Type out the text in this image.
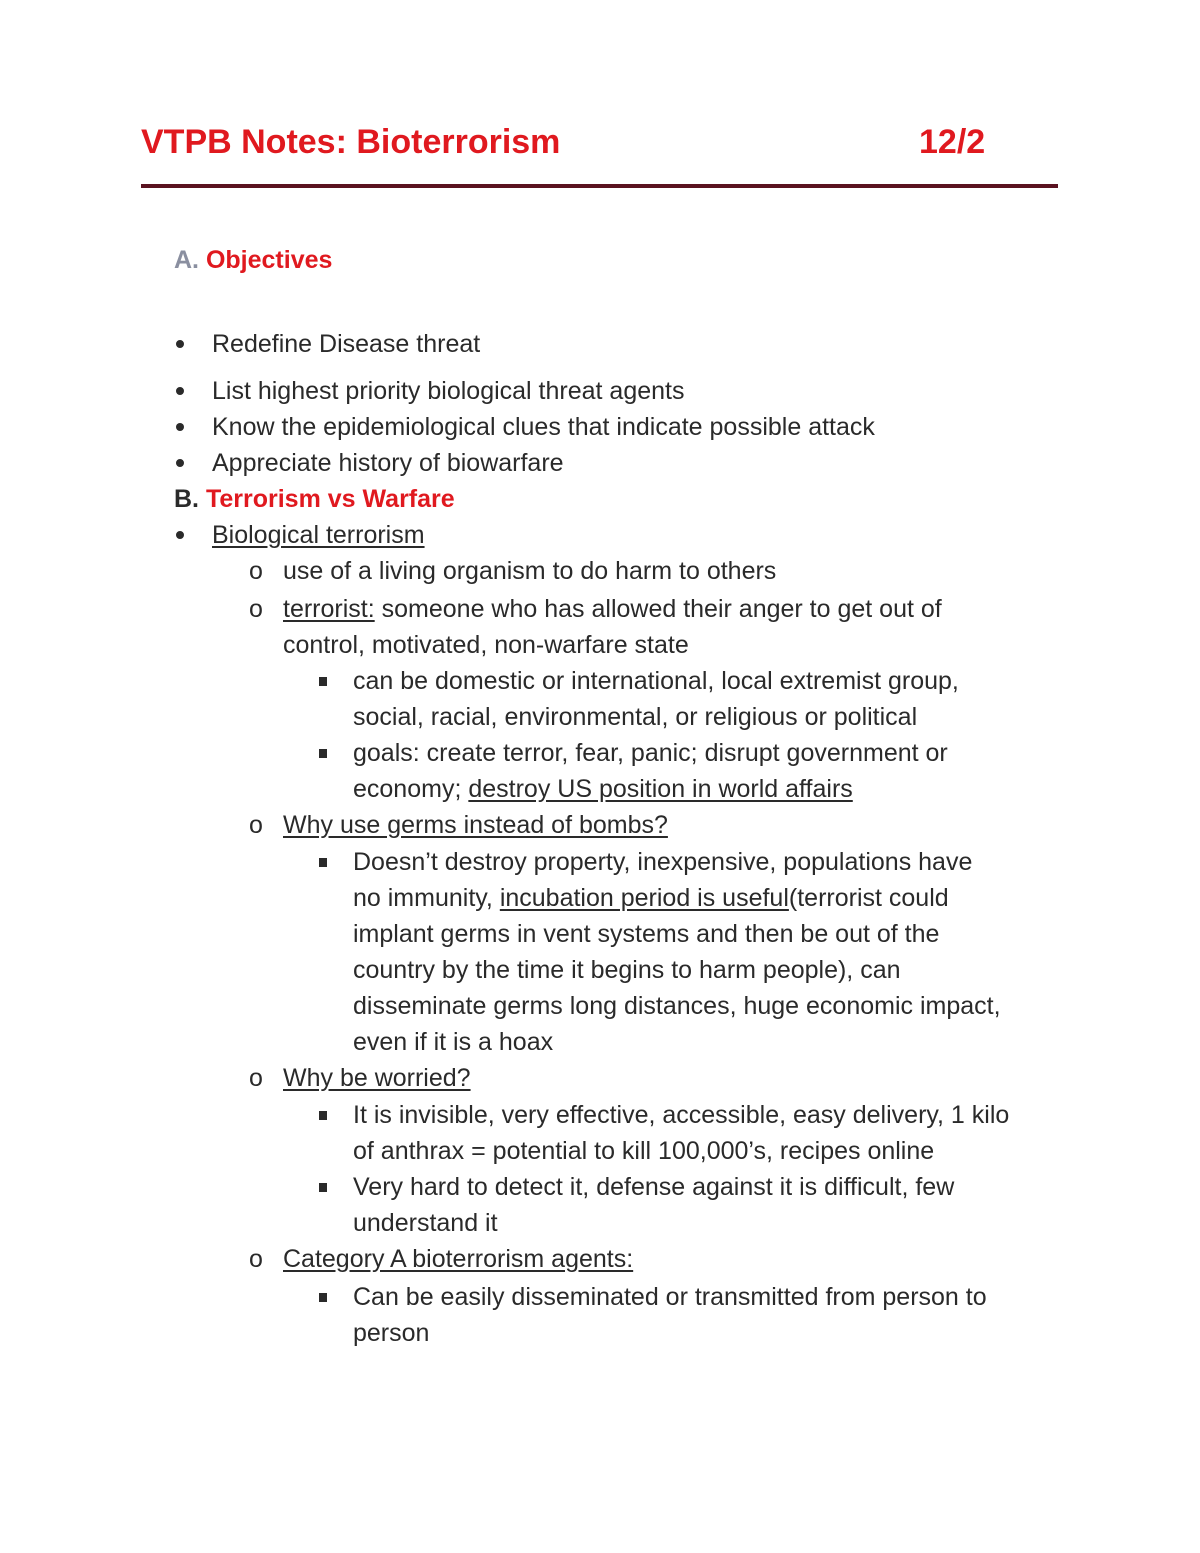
VTPB Notes: Bioterrorism	12/2
A. Objectives
Redefine Disease threat
List highest priority biological threat agents
Know the epidemiological clues that indicate possible attack
Appreciate history of biowarfare
B. Terrorism vs Warfare
Biological terrorism
o use of a living organism to do harm to others
o terrorist: someone who has allowed their anger to get out of
control, motivated, non-warfare state
can be domestic or international, local extremist group,
social, racial, environmental, or religious or political
goals: create terror, fear, panic; disrupt government or
economy; destroy US position in world affairs
o Why use germs instead of bombs?
Doesn’t destroy property, inexpensive, populations have
no immunity, incubation period is useful(terrorist could
implant germs in vent systems and then be out of the
country by the time it begins to harm people), can
disseminate germs long distances, huge economic impact,
even if it is a hoax
o Why be worried?
It is invisible, very effective, accessible, easy delivery, 1 kilo
of anthrax = potential to kill 100,000’s, recipes online
Very hard to detect it, defense against it is difficult, few
understand it
o Category A bioterrorism agents:
Can be easily disseminated or transmitted from person to
person
